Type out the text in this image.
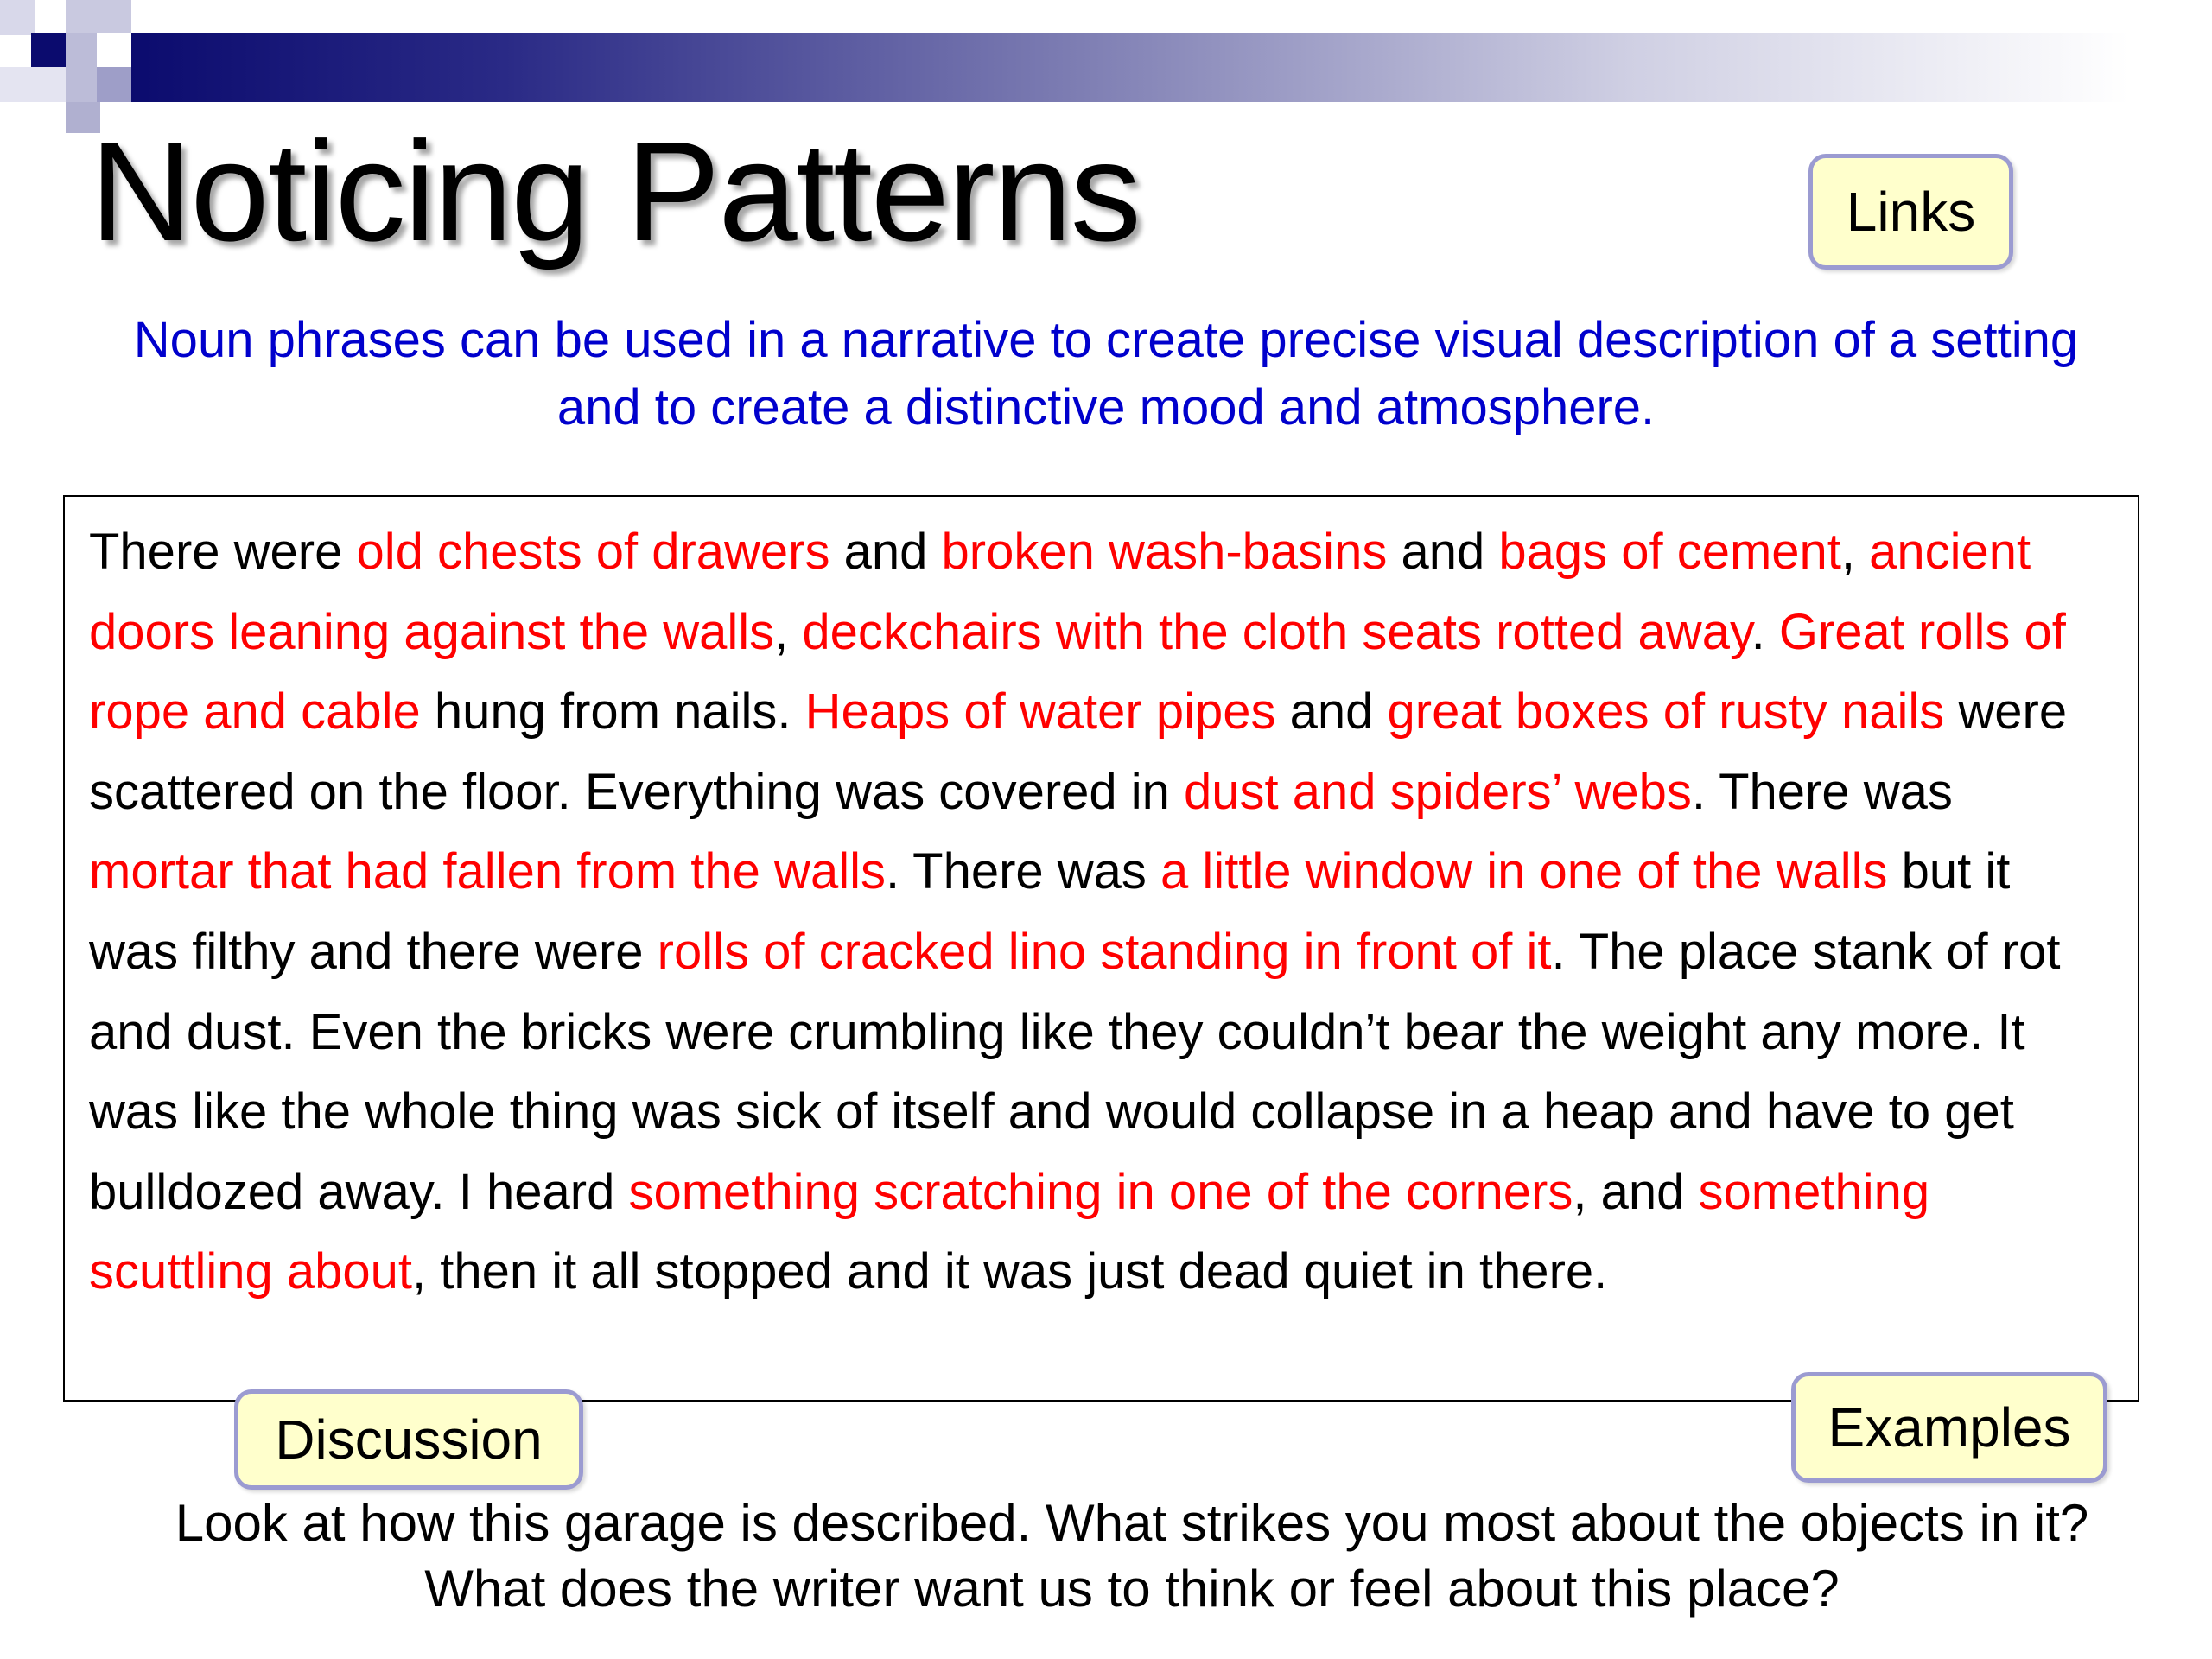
Noticing Patterns	Links

Noun phrases can be used in a narrative to create precise visual description of a setting and to create a distinctive mood and atmosphere.

There were old chests of drawers and broken wash-basins and bags of cement, ancient doors leaning against the walls, deckchairs with the cloth seats rotted away. Great rolls of rope and cable hung from nails. Heaps of water pipes and great boxes of rusty nails were scattered on the floor. Everything was covered in dust and spiders’ webs. There was mortar that had fallen from the walls. There was a little window in one of the walls but it was filthy and there were rolls of cracked lino standing in front of it. The place stank of rot and dust. Even the bricks were crumbling like they couldn’t bear the weight any more. It was like the whole thing was sick of itself and would collapse in a heap and have to get bulldozed away. I heard something scratching in one of the corners, and something scuttling about, then it all stopped and it was just dead quiet in there.

Discussion	Examples
Look at how this garage is described. What strikes you most about the objects in it?
What does the writer want us to think or feel about this place?
